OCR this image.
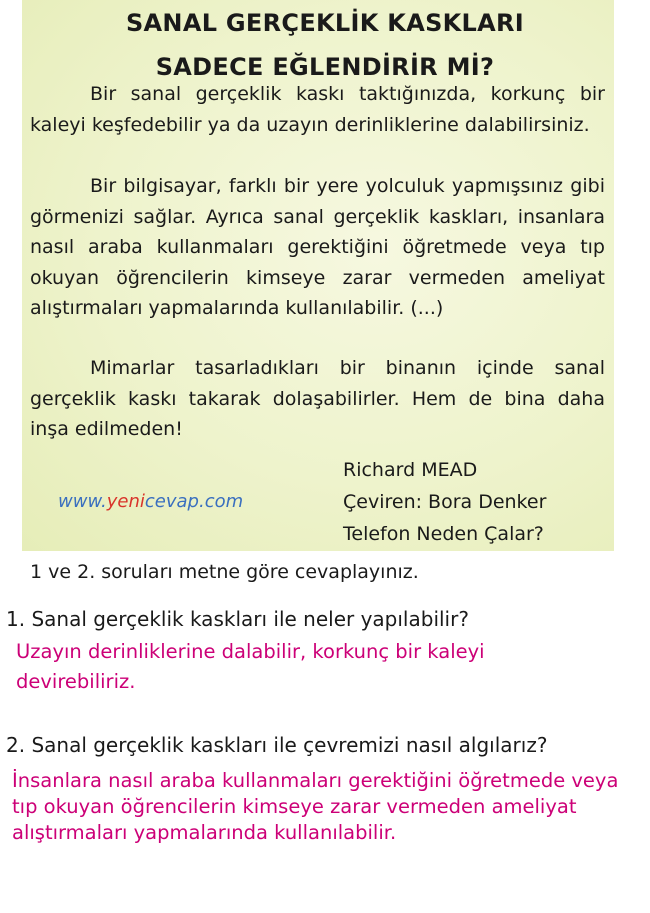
SANAL GERÇEKLİK KASKLARI
SADECE EĞLENDİRİR Mİ?

Bir sanal gerçeklik kaskı taktığınızda, korkunç bir kaleyi keşfedebilir ya da uzayın derinliklerine dalabilirsiniz.

Bir bilgisayar, farklı bir yere yolculuk yapmışsınız gibi görmenizi sağlar. Ayrıca sanal gerçeklik kaskları, insanlara nasıl araba kullanmaları gerektiğini öğretmede veya tıp okuyan öğrencilerin kimseye zarar vermeden ameliyat alıştırmaları yapmalarında kullanılabilir. (...)

Mimarlar tasarladıkları bir binanın içinde sanal gerçeklik kaskı takarak dolaşabilirler. Hem de bina daha inşa edilmeden!

Richard MEAD
Çeviren: Bora Denker
Telefon Neden Çalar?
www.yenicevap.com
1 ve 2. soruları metne göre cevaplayınız.
1. Sanal gerçeklik kaskları ile neler yapılabilir?

Uzayın derinliklerine dalabilir, korkunç bir kaleyi devirebiliriz.

2. Sanal gerçeklik kaskları ile çevremizi nasıl algılarız?

İnsanlara nasıl araba kullanmaları gerektiğini öğretmede veya tıp okuyan öğrencilerin kimseye zarar vermeden ameliyat alıştırmaları yapmalarında kullanılabilir.
